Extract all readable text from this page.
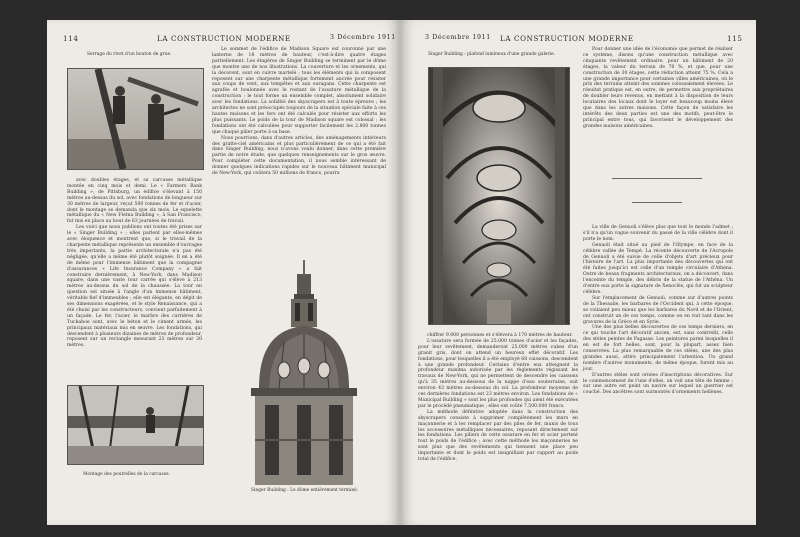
114	LA CONSTRUCTION MODERNE	3 Décembre 1911
Serrage du rivet d'un bouton de grue.

avec doubles étages, et sa carcasse métallique montée en cinq mois et demi. Le « Farmers Bank Building », de Pittsburg, un édifice s'élevant à 150 mètres au-dessus du sol, avec fondations de longueur sur 30 mètres de largeur, reçut 500 tonnes de fer et d'acier, dont le montage se demanda que six mois. Le squelette métallique du « New Fletna Building », à San Francisco, fut mis en place au bout de 63 journées de travail.

Les voici que nous publions ont toutes été prises sur le « Singer Building » ; elles parlent par elles-mêmes avec éloquence et montrent que, si le travail de la charpente métallique représente un ensemble d'ouvrages très importants, la partie architecturale n'a pas été négligée, qu'elle a même été plutôt soignée. Il en a été de même pour l'immense bâtiment que la compagnie d'assurances « Life Insurance Company » a fait construire dernièrement, à New-York, dans Madison square, dans une vaste tour carrée qui s'élève à 213 mètres au-dessus du sol de la chaussée. La tour en question est située à l'angle d'un immense bâtiment, véritable fief d'immeubles ; elle est élégante, en dépit de ses dimensions exagérées, et le style Renaissance, qui a été choisi par les constructeurs, convient parfaitement à un façade. Le fer, l'acier, le marbre des carrières de Tuckahoe sont, avec le béton et le ciment armés, les principaux matériaux mis en œuvre. Les fondations, qui descendent à plusieurs dizaines de mètres de profondeur, reposent sur un rectangle mesurant 23 mètres sur 30 mètres.

Montage des poutrelles de la carcasse.

Le sommet de l'édifice de Madison Square est couronné par une lanterne de 18 mètres de hauteur, c'est-à-dire quatre étages partiellement. Les étagères de Singer Building se terminent par le dôme que montre une de nos illustrations. La couverture et les ornements, qui la décorent, sont en cuivre martelé ; tous les éléments qui la composent reposent sur une charpente métallique fortement ancrée pour résister aux coups de vent, aux tempêtes et aux ouragans. Cette charpente est agrafée et boulonnée avec le restant de l'ossature métallique de la construction ; le tout forme un ensemble complet, absolument solidaire avec les fondations. La solidité des skyscrapers est à toute épreuve ; les architectes ne sont préoccupés toujours de la situation spéciale faite à ces hautes maisons et les fers ont été calculés pour résister aux efforts les plus puissants. Le poids de la tour de Madison square est colossal ; les fondations ont été calculées pour supporter facilement les 2.800 tonnes que chaque pilier porte à sa base.

Nous pourrions, dans d'autres articles, des aménagements intérieurs des gratte-ciel américains et plus particulièrement de ce qui a été fait dans Singer Building, nous n'avons voulu donner, dans cette première partie de notre étude, que quelques renseignements sur le gros œuvre. Pour compléter cette documentation, il nous semble intéressant de donner quelques indications rapides sur le nouveau bâtiment municipal de New-York, qui coûtera 50 millions de francs, pourra

Singer Building : Le dôme entièrement terminé.
3 Décembre 1911 LA CONSTRUCTION MODERNE	115
Singer Building : plafond lumineux d'une grande galerie.

Pour donner une idée de l'économie que permet de réaliser ce système, disons qu'une construction métallique avec cinquante revêtement ordinaire, pour un bâtiment de 20 étages, la valeur du terrain de 70 %, et que, pour une construction de 30 étages, cette réduction atteint 75 %. Cela a une grande importance pour certaines villes américaines, où le prix des terrains atteint des sommes colossalement élevées. Le résultat pratique est, en outre, de permettre aux propriétaires de doubler leurs revenus, en mettant à la disposition de leurs locataires des locaux dont le loyer est beaucoup moins élevé que dans les autres maisons. Cette façon de satisfaire les intérêts des deux parties est une des motifs, peut-être le principal entre tous, qui favorisent le développement des grandes maisons américaines.

La ville de Genuoli s'élève plus que tout le monde l'admet ; s'il n'a qu'un vague souvenir du passé de la ville célèbre dont il porte le nom.

Genuoli était situé au pied de l'Olympe, en face de la célèbre vallée de Tempé. La récente découverte de l'Acropole de Genuoli a été suivie de celle d'objets d'art précieux pour l'histoire de l'art. La plus importante des découvertes qui ont été faites jusqu'ici est celle d'un temple circulaire d'Athéna. Outre de beaux fragments architecturaux, on a découvert, dans l'enceinte du temple, des débris de la statue de l'Athéna. Un d'entre eux porte la signature de Xenoclès, qui fut un sculpteur célèbre.

Sur l'emplacement de Genuoli, comme sur d'autres points de la Thessalie, les barbares de l'Occident qui, à cette époque, se voilaient peu mieux que les barbares du Nord et de l'Orient, ont construit un de ces temps, comme on en voit tant dans les gravures de la Grèce et en Syrie.

Une des plus belles découvertes de ces temps derniers, en ce qui touche l'art décoratif ancien, est, sans contredit, celle des stèles peintes de Pagasae. Les peintures parmi lesquelles il en est de fort belles, sont, pour la plupart, assez bien conservées. La plus remarquable de ces stèles, une des plus grandes aussi, attire principalement l'attention. Un grand nombre d'autres monuments, de même époque, furent mis au jour.

D'autres stèles sont ornées d'inscriptions décoratives. Sur le commencement de l'une d'elles, on voit une tête de femme ; sur une autre est peint un navire sur lequel un guerrier est couché. Des ancêtres sont surmontés d'ornements hellènes.

chiffrer 9.000 personnes et s'élèvera à 170 mètres de hauteur.

L'ossature sera formée de 25.000 tonnes d'acier et les façades, pour leur revêtement, demanderont 25.000 mètres cubes d'un granit gris, dont on attend un heureux effet décoratif. Les fondations, pour lesquelles il a été employé 68 caissons, descendent à une grande profondeur. Certains d'entre eux atteignent la profondeur maxima autorisée par les règlements régissant les travaux de New-York, qui ne permettent de descendre les caissons qu'à 35 mètres au-dessous de la nappe d'eau souterraine, soit environ 43 mètres au-dessous du sol. La profondeur moyenne de ces dernières fondations est 23 mètres environ. Les fondations de « Municipal Building » sont les plus profondes qui aient été exécutées par le procédé pneumatique ; elles ont coûté 7.500.000 francs.

La méthode définitive adoptée dans la construction des skyscrapers consiste à supprimer complètement les murs en maçonnerie et à les remplacer par des piles de fer, munis de tous les accessoires métalliques nécessaires, reposant directement sur les fondations. Les piliers de cette ossature en fer et acier portent tout le poids de l'édifice ; avec cette méthode les maçonneries ne sont plus que des revêtements qui tiennent une place peu importante et dont le poids est insignifiant par rapport au poids total de l'édifice.
